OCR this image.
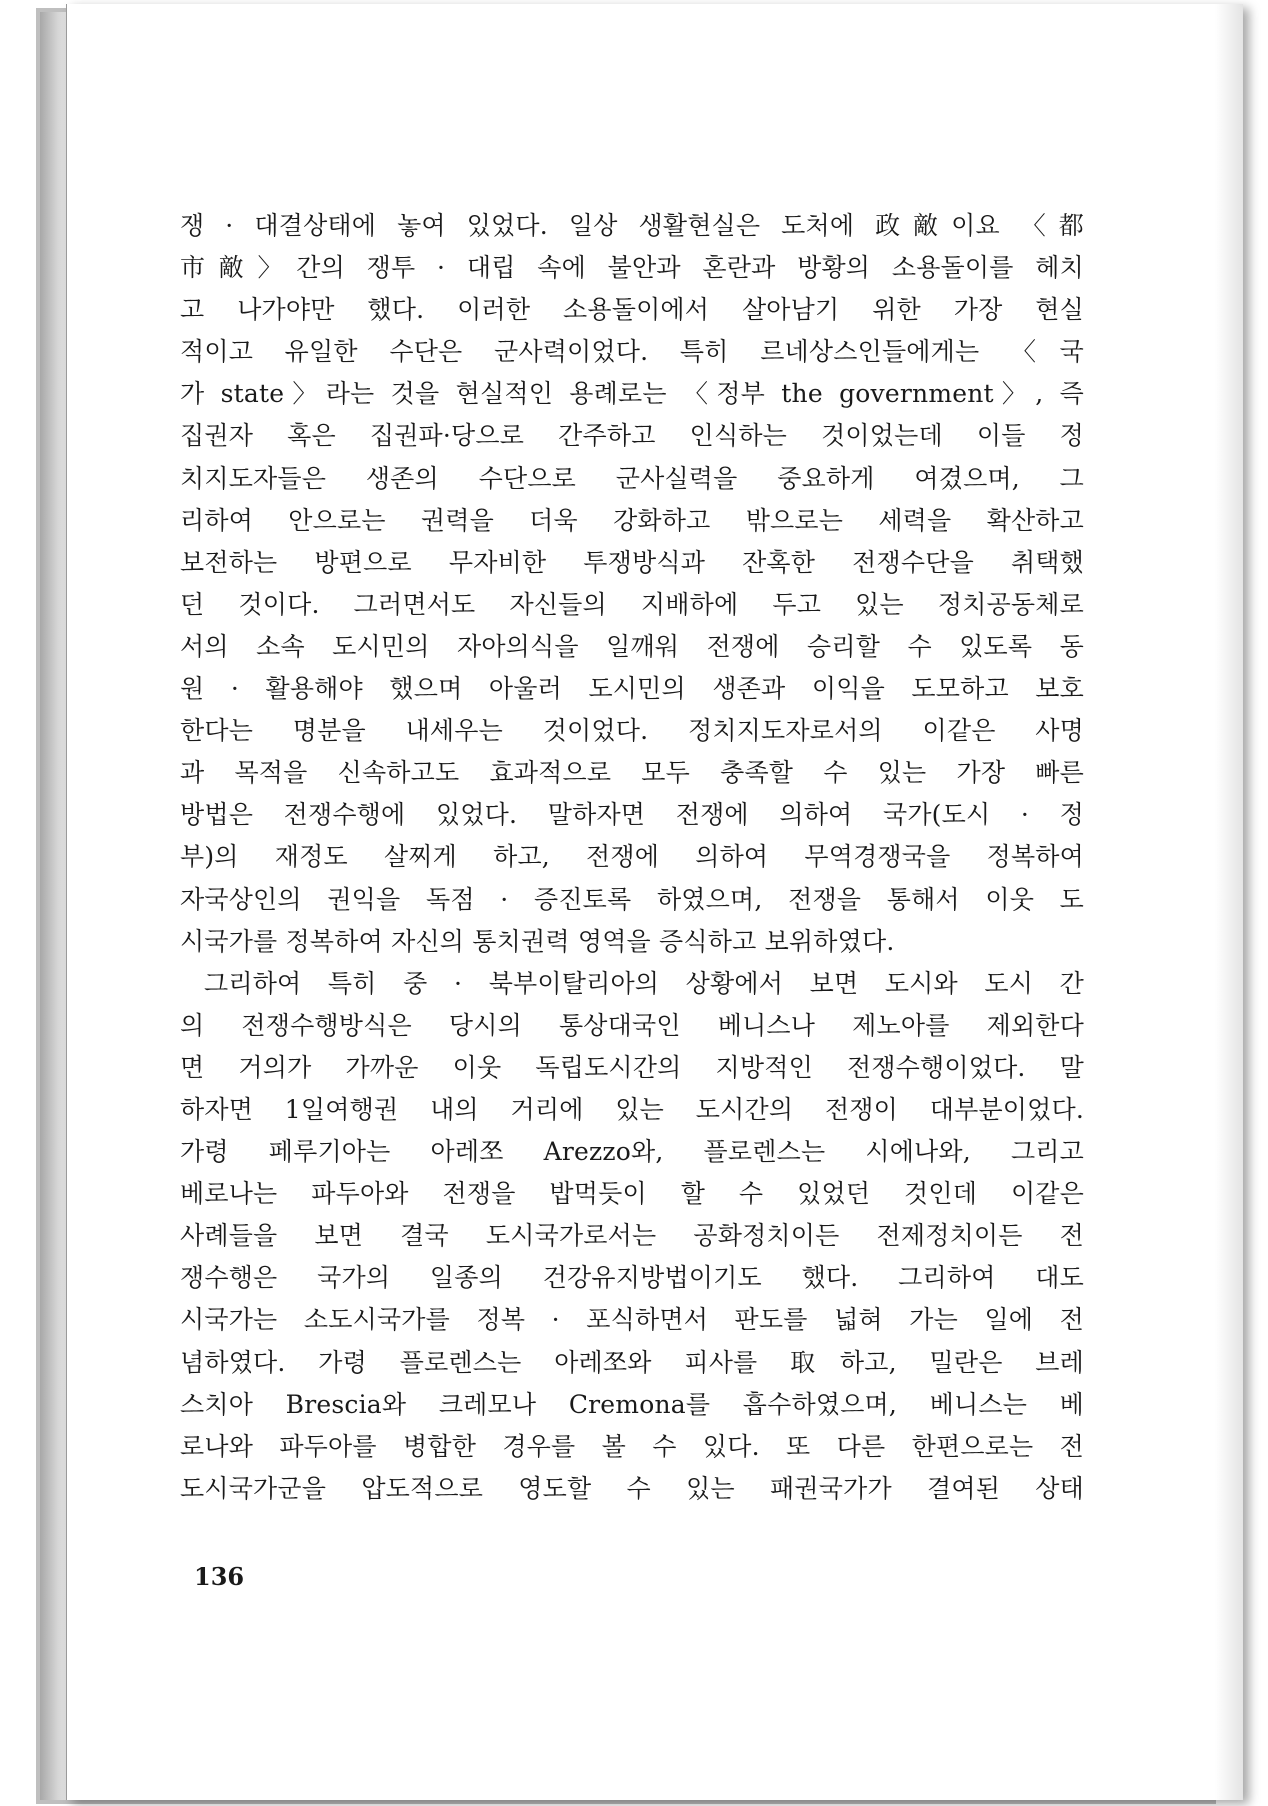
쟁 · 대결상태에 놓여 있었다. 일상 생활현실은 도처에 政敵이요 〈都
市敵〉간의 쟁투 · 대립 속에 불안과 혼란과 방황의 소용돌이를 헤치
고 나가야만 했다. 이러한 소용돌이에서 살아남기 위한 가장 현실
적이고 유일한 수단은 군사력이었다. 특히 르네상스인들에게는 〈국
가 state〉라는 것을 현실적인 용례로는 〈정부 the government〉, 즉
집권자 혹은 집권파·당으로 간주하고 인식하는 것이었는데 이들 정
치지도자들은 생존의 수단으로 군사실력을 중요하게 여겼으며, 그
리하여 안으로는 권력을 더욱 강화하고 밖으로는 세력을 확산하고
보전하는 방편으로 무자비한 투쟁방식과 잔혹한 전쟁수단을 취택했
던 것이다. 그러면서도 자신들의 지배하에 두고 있는 정치공동체로
서의 소속 도시민의 자아의식을 일깨워 전쟁에 승리할 수 있도록 동
원 · 활용해야 했으며 아울러 도시민의 생존과 이익을 도모하고 보호
한다는 명분을 내세우는 것이었다. 정치지도자로서의 이같은 사명
과 목적을 신속하고도 효과적으로 모두 충족할 수 있는 가장 빠른
방법은 전쟁수행에 있었다. 말하자면 전쟁에 의하여 국가(도시 · 정
부)의 재정도 살찌게 하고, 전쟁에 의하여 무역경쟁국을 정복하여
자국상인의 권익을 독점 · 증진토록 하였으며, 전쟁을 통해서 이웃 도
시국가를 정복하여 자신의 통치권력 영역을 증식하고 보위하였다.
그리하여 특히 중 · 북부이탈리아의 상황에서 보면 도시와 도시 간
의 전쟁수행방식은 당시의 통상대국인 베니스나 제노아를 제외한다
면 거의가 가까운 이웃 독립도시간의 지방적인 전쟁수행이었다. 말
하자면 1일여행권 내의 거리에 있는 도시간의 전쟁이 대부분이었다.
가령 페루기아는 아레쪼 Arezzo와, 플로렌스는 시에나와, 그리고
베로나는 파두아와 전쟁을 밥먹듯이 할 수 있었던 것인데 이같은
사례들을 보면 결국 도시국가로서는 공화정치이든 전제정치이든 전
쟁수행은 국가의 일종의 건강유지방법이기도 했다. 그리하여 대도
시국가는 소도시국가를 정복 · 포식하면서 판도를 넓혀 가는 일에 전
념하였다. 가령 플로렌스는 아레쪼와 피사를 取하고, 밀란은 브레
스치아 Brescia와 크레모나 Cremona를 흡수하였으며, 베니스는 베
로나와 파두아를 병합한 경우를 볼 수 있다. 또 다른 한편으로는 전
도시국가군을 압도적으로 영도할 수 있는 패권국가가 결여된 상태
136
